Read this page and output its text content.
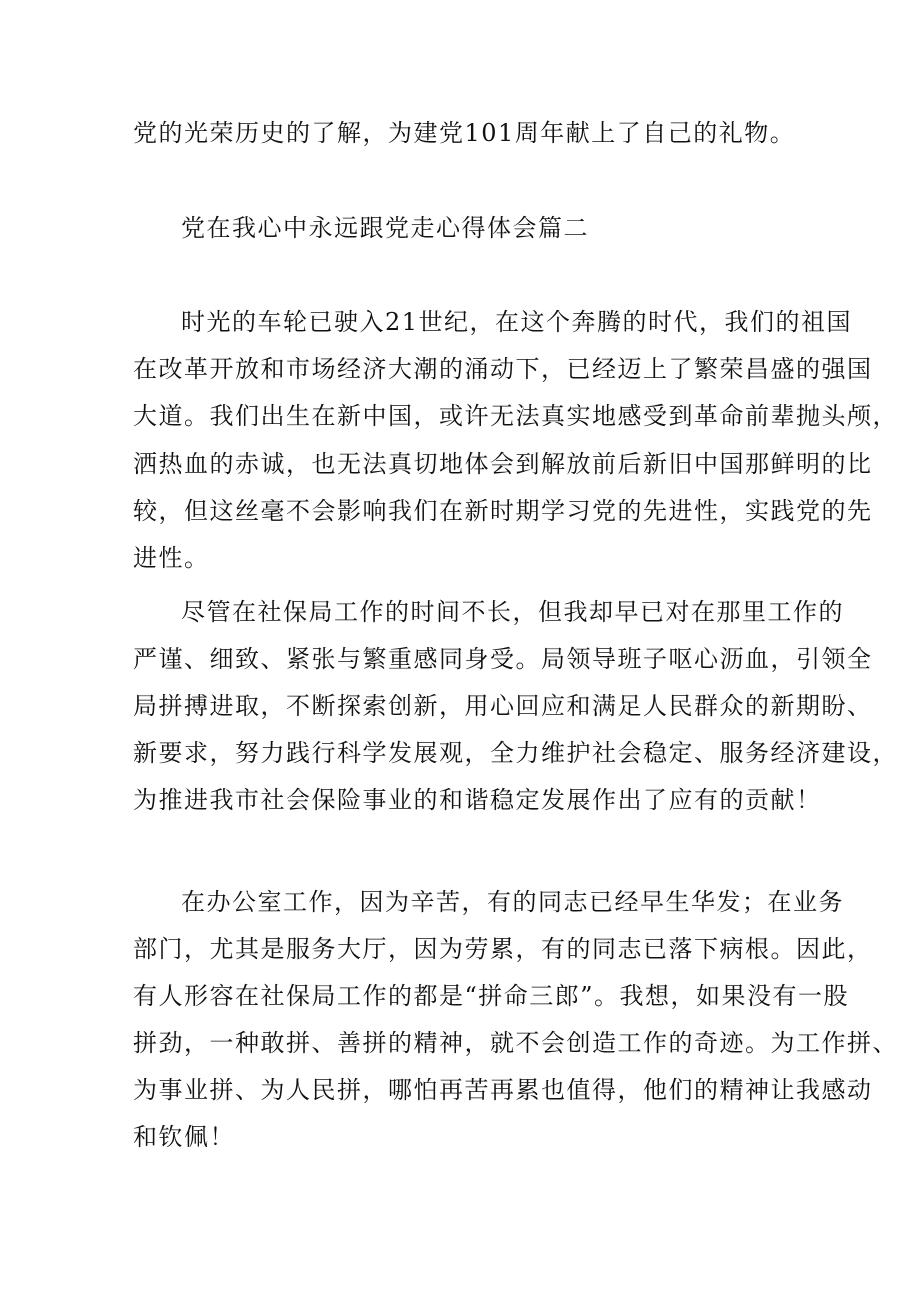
党的光荣历史的了解，为建党101周年献上了自己的礼物。
党在我心中永远跟党走心得体会篇二
时光的车轮已驶入21世纪，在这个奔腾的时代，我们的祖国
在改革开放和市场经济大潮的涌动下，已经迈上了繁荣昌盛的强国
大道。我们出生在新中国，或许无法真实地感受到革命前辈抛头颅，
洒热血的赤诚，也无法真切地体会到解放前后新旧中国那鲜明的比
较，但这丝毫不会影响我们在新时期学习党的先进性，实践党的先
进性。
尽管在社保局工作的时间不长，但我却早已对在那里工作的
严谨、细致、紧张与繁重感同身受。局领导班子呕心沥血，引领全
局拼搏进取，不断探索创新，用心回应和满足人民群众的新期盼、
新要求，努力践行科学发展观，全力维护社会稳定、服务经济建设，
为推进我市社会保险事业的和谐稳定发展作出了应有的贡献！
在办公室工作，因为辛苦，有的同志已经早生华发；在业务
部门，尤其是服务大厅，因为劳累，有的同志已落下病根。因此，
有人形容在社保局工作的都是“拼命三郎”。我想，如果没有一股
拼劲，一种敢拼、善拼的精神，就不会创造工作的奇迹。为工作拼、
为事业拼、为人民拼，哪怕再苦再累也值得，他们的精神让我感动
和钦佩！
